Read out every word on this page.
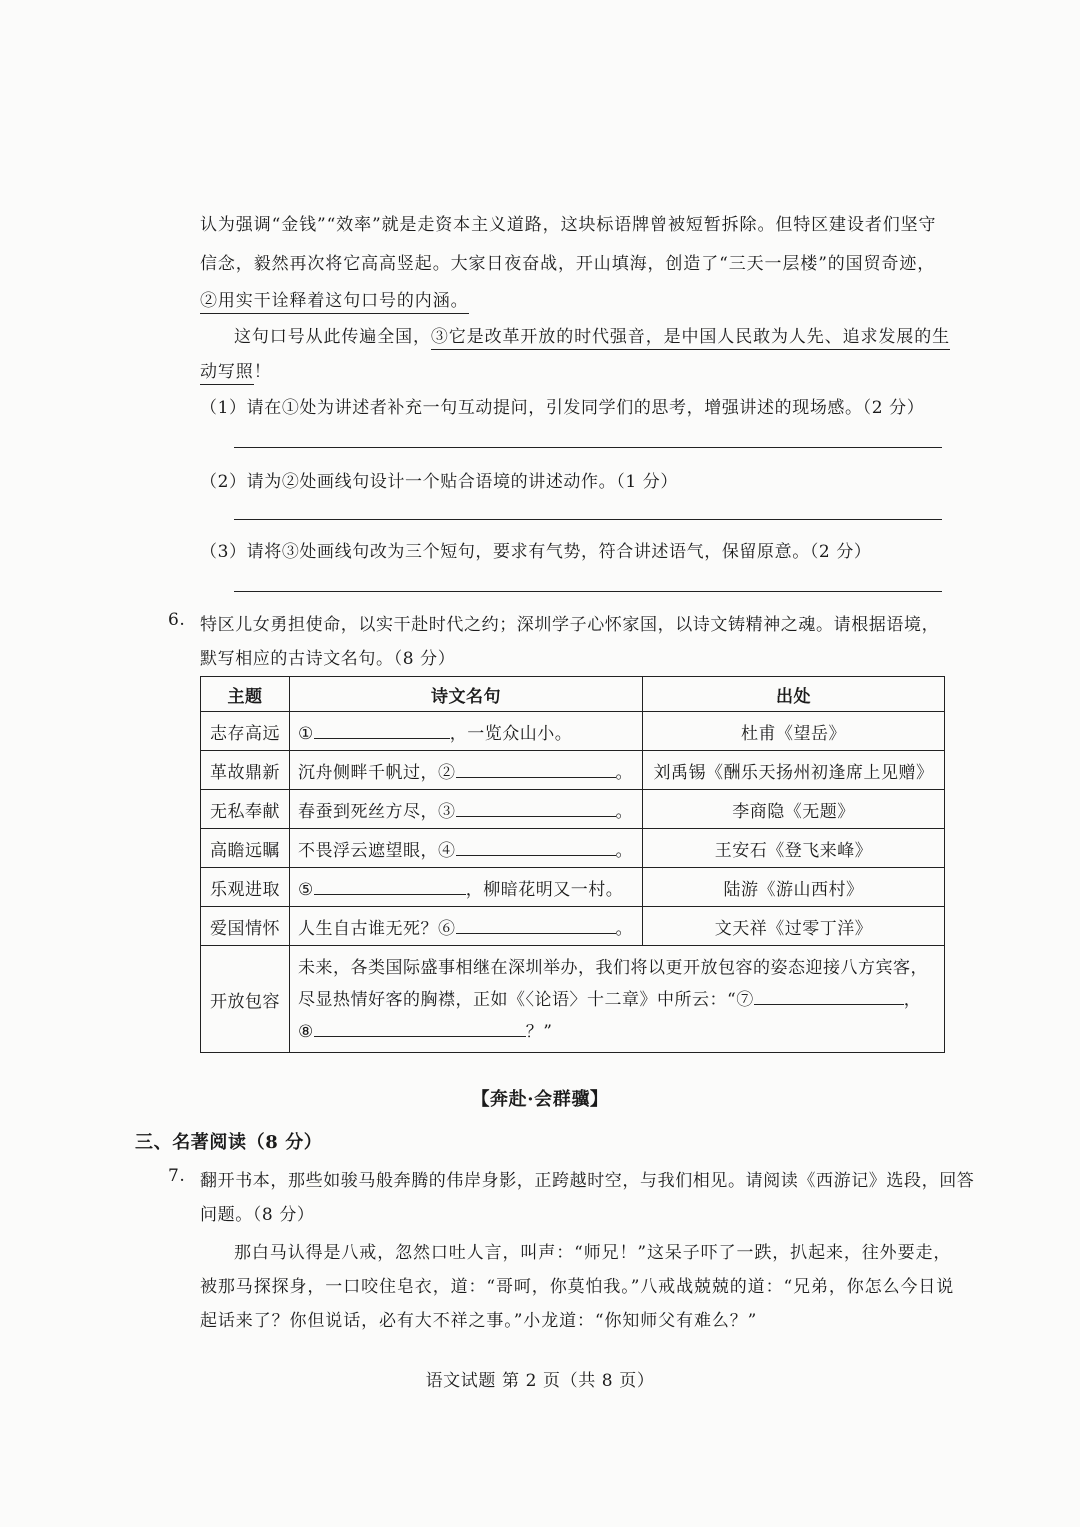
认为强调“金钱”“效率”就是走资本主义道路，这块标语牌曾被短暂拆除。但特区建设者们坚守
信念，毅然再次将它高高竖起。大家日夜奋战，开山填海，创造了“三天一层楼”的国贸奇迹，
②用实干诠释着这句口号的内涵。
这句口号从此传遍全国，③它是改革开放的时代强音，是中国人民敢为人先、追求发展的生
动写照！
（1）请在①处为讲述者补充一句互动提问，引发同学们的思考，增强讲述的现场感。（2 分）
（2）请为②处画线句设计一个贴合语境的讲述动作。（1 分）
（3）请将③处画线句改为三个短句，要求有气势，符合讲述语气，保留原意。（2 分）
6. 特区儿女勇担使命，以实干赴时代之约；深圳学子心怀家国，以诗文铸精神之魂。请根据语境，
默写相应的古诗文名句。（8 分）
主题	诗文名句	出处
志存高远	① ，一览众山小。	杜甫《望岳》
革故鼎新	沉舟侧畔千帆过，② 。	刘禹锡《酬乐天扬州初逢席上见赠》
无私奉献	春蚕到死丝方尽，③ 。	李商隐《无题》
高瞻远瞩	不畏浮云遮望眼，④ 。	王安石《登飞来峰》
乐观进取	⑤ ，柳暗花明又一村。	陆游《游山西村》
爱国情怀	人生自古谁无死？⑥ 。	文天祥《过零丁洋》
开放包容	未来，各类国际盛事相继在深圳举办，我们将以更开放包容的姿态迎接八方宾客，
尽显热情好客的胸襟，正如《〈论语〉十二章》中所云：“⑦ ，
⑧ ？”	
【奔赴·会群骥】
三、名著阅读（8 分）
7. 翻开书本，那些如骏马般奔腾的伟岸身影，正跨越时空，与我们相见。请阅读《西游记》选段，回答
问题。（8 分）
那白马认得是八戒，忽然口吐人言，叫声：“师兄！”这呆子吓了一跌，扒起来，往外要走，
被那马探探身，一口咬住皂衣，道：“哥呵，你莫怕我。”八戒战兢兢的道：“兄弟，你怎么今日说
起话来了？你但说话，必有大不祥之事。”小龙道：“你知师父有难么？”
语文试题 第 2 页（共 8 页）
